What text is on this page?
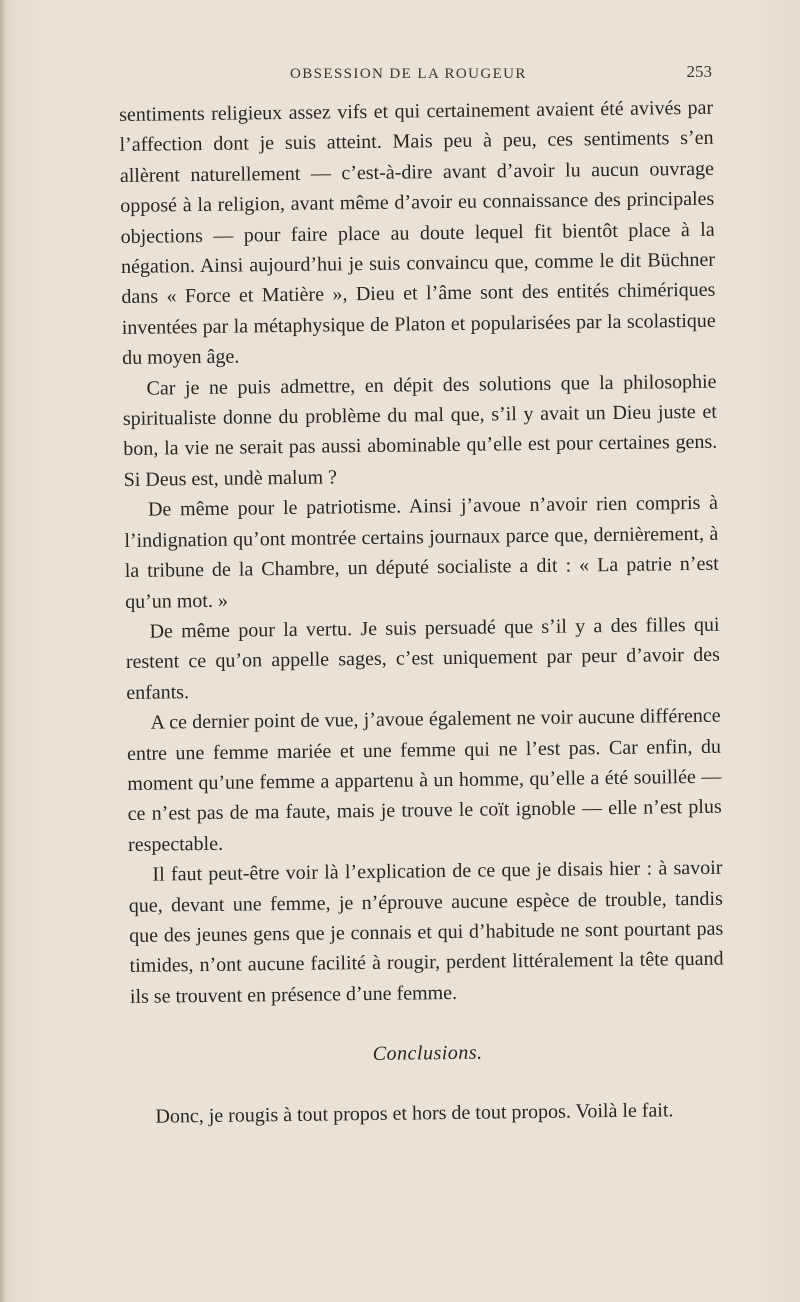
OBSESSION DE LA ROUGEUR	253

sentiments religieux assez vifs et qui certainement avaient été avivés par l’affection dont je suis atteint. Mais peu à peu, ces sentiments s’en allèrent naturellement — c’est-à-dire avant d’avoir lu aucun ouvrage opposé à la religion, avant même d’avoir eu connaissance des principales objections — pour faire place au doute lequel fit bientôt place à la négation. Ainsi aujourd’hui je suis convaincu que, comme le dit Büchner dans « Force et Matière », Dieu et l’âme sont des entités chimériques inventées par la métaphysique de Platon et popularisées par la scolastique du moyen âge.

Car je ne puis admettre, en dépit des solutions que la philosophie spiritualiste donne du problème du mal que, s’il y avait un Dieu juste et bon, la vie ne serait pas aussi abominable qu’elle est pour certaines gens. Si Deus est, undè malum ?

De même pour le patriotisme. Ainsi j’avoue n’avoir rien compris à l’indignation qu’ont montrée certains journaux parce que, dernièrement, à la tribune de la Chambre, un député socialiste a dit : « La patrie n’est qu’un mot. »

De même pour la vertu. Je suis persuadé que s’il y a des filles qui restent ce qu’on appelle sages, c’est uniquement par peur d’avoir des enfants.

A ce dernier point de vue, j’avoue également ne voir aucune différence entre une femme mariée et une femme qui ne l’est pas. Car enfin, du moment qu’une femme a appartenu à un homme, qu’elle a été souillée — ce n’est pas de ma faute, mais je trouve le coït ignoble — elle n’est plus respectable.

Il faut peut-être voir là l’explication de ce que je disais hier : à savoir que, devant une femme, je n’éprouve aucune espèce de trouble, tandis que des jeunes gens que je connais et qui d’habitude ne sont pourtant pas timides, n’ont aucune facilité à rougir, perdent littéralement la tête quand ils se trouvent en présence d’une femme.

Conclusions.

Donc, je rougis à tout propos et hors de tout propos. Voilà le fait.
